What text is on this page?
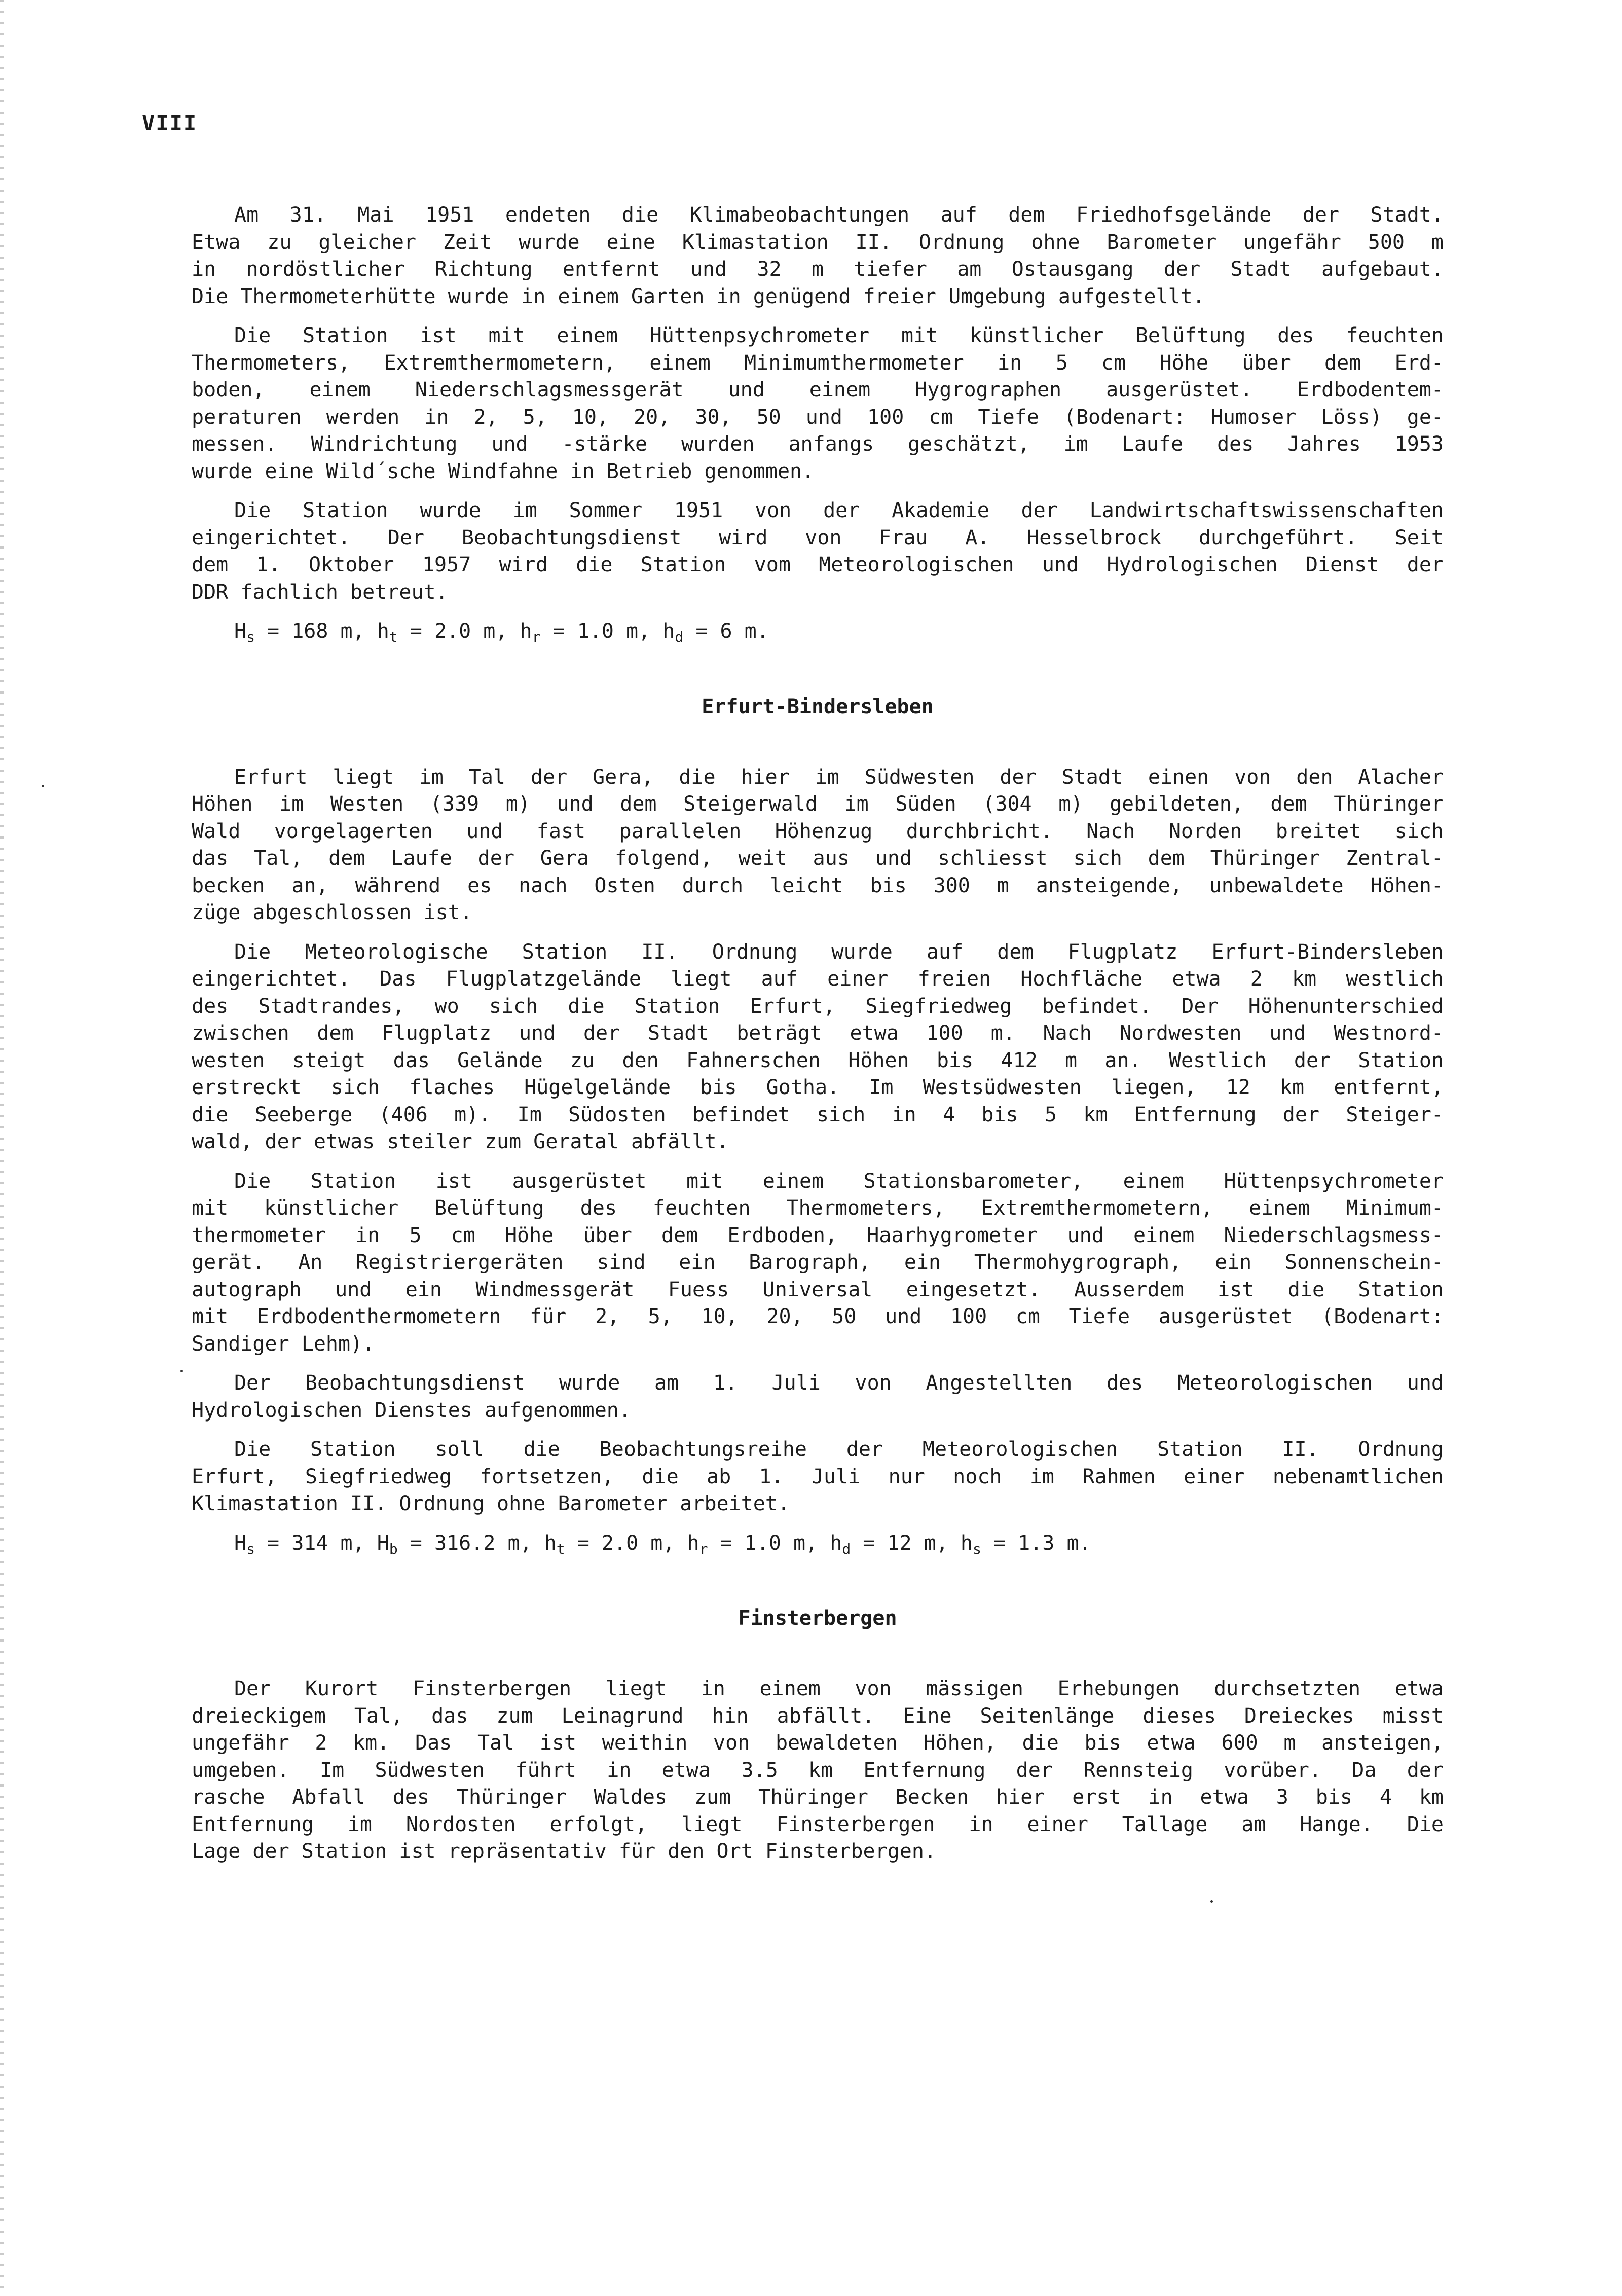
VIII
Am 31. Mai 1951 endeten die Klimabeobachtungen auf dem Friedhofsgelände der Stadt.
Etwa zu gleicher Zeit wurde eine Klimastation II. Ordnung ohne Barometer ungefähr 500 m
in nordöstlicher Richtung entfernt und 32 m tiefer am Ostausgang der Stadt aufgebaut.
Die Thermometerhütte wurde in einem Garten in genügend freier Umgebung aufgestellt.
Die Station ist mit einem Hüttenpsychrometer mit künstlicher Belüftung des feuchten
Thermometers, Extremthermometern, einem Minimumthermometer in 5 cm Höhe über dem Erd-
boden, einem Niederschlagsmessgerät und einem Hygrographen ausgerüstet. Erdbodentem-
peraturen werden in 2, 5, 10, 20, 30, 50 und 100 cm Tiefe (Bodenart: Humoser Löss) ge-
messen. Windrichtung und -stärke wurden anfangs geschätzt, im Laufe des Jahres 1953
wurde eine Wild´sche Windfahne in Betrieb genommen.
Die Station wurde im Sommer 1951 von der Akademie der Landwirtschaftswissenschaften
eingerichtet. Der Beobachtungsdienst wird von Frau A. Hesselbrock durchgeführt. Seit
dem 1. Oktober 1957 wird die Station vom Meteorologischen und Hydrologischen Dienst der
DDR fachlich betreut.
$H_s = 168$ m, $h_t = 2.0$ m, $h_r = 1.0$ m, $h_d = 6$ m.
Erfurt-Bindersleben
Erfurt liegt im Tal der Gera, die hier im Südwesten der Stadt einen von den Alacher
Höhen im Westen (339 m) und dem Steigerwald im Süden (304 m) gebildeten, dem Thüringer
Wald vorgelagerten und fast parallelen Höhenzug durchbricht. Nach Norden breitet sich
das Tal, dem Laufe der Gera folgend, weit aus und schliesst sich dem Thüringer Zentral-
becken an, während es nach Osten durch leicht bis 300 m ansteigende, unbewaldete Höhen-
züge abgeschlossen ist.
Die Meteorologische Station II. Ordnung wurde auf dem Flugplatz Erfurt-Bindersleben
eingerichtet. Das Flugplatzgelände liegt auf einer freien Hochfläche etwa 2 km westlich
des Stadtrandes, wo sich die Station Erfurt, Siegfriedweg befindet. Der Höhenunterschied
zwischen dem Flugplatz und der Stadt beträgt etwa 100 m. Nach Nordwesten und Westnord-
westen steigt das Gelände zu den Fahnerschen Höhen bis 412 m an. Westlich der Station
erstreckt sich flaches Hügelgelände bis Gotha. Im Westsüdwesten liegen, 12 km entfernt,
die Seeberge (406 m). Im Südosten befindet sich in 4 bis 5 km Entfernung der Steiger-
wald, der etwas steiler zum Geratal abfällt.
Die Station ist ausgerüstet mit einem Stationsbarometer, einem Hüttenpsychrometer
mit künstlicher Belüftung des feuchten Thermometers, Extremthermometern, einem Minimum-
thermometer in 5 cm Höhe über dem Erdboden, Haarhygrometer und einem Niederschlagsmess-
gerät. An Registriergeräten sind ein Barograph, ein Thermohygrograph, ein Sonnenschein-
autograph und ein Windmessgerät Fuess Universal eingesetzt. Ausserdem ist die Station
mit Erdbodenthermometern für 2, 5, 10, 20, 50 und 100 cm Tiefe ausgerüstet (Bodenart:
Sandiger Lehm).
Der Beobachtungsdienst wurde am 1. Juli von Angestellten des Meteorologischen und
Hydrologischen Dienstes aufgenommen.
Die Station soll die Beobachtungsreihe der Meteorologischen Station II. Ordnung
Erfurt, Siegfriedweg fortsetzen, die ab 1. Juli nur noch im Rahmen einer nebenamtlichen
Klimastation II. Ordnung ohne Barometer arbeitet.
$H_s = 314$ m, $H_b = 316.2$ m, $h_t = 2.0$ m, $h_r = 1.0$ m, $h_d = 12$ m, $h_s = 1.3$ m.
Finsterbergen
Der Kurort Finsterbergen liegt in einem von mässigen Erhebungen durchsetzten etwa
dreieckigem Tal, das zum Leinagrund hin abfällt. Eine Seitenlänge dieses Dreieckes misst
ungefähr 2 km. Das Tal ist weithin von bewaldeten Höhen, die bis etwa 600 m ansteigen,
umgeben. Im Südwesten führt in etwa 3.5 km Entfernung der Rennsteig vorüber. Da der
rasche Abfall des Thüringer Waldes zum Thüringer Becken hier erst in etwa 3 bis 4 km
Entfernung im Nordosten erfolgt, liegt Finsterbergen in einer Tallage am Hange. Die
Lage der Station ist repräsentativ für den Ort Finsterbergen.
